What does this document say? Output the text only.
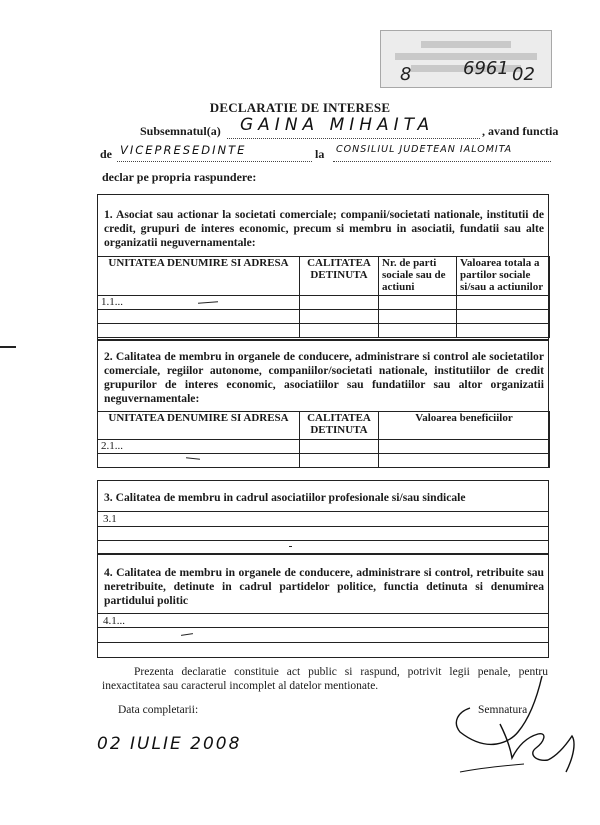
8	6961 02
DECLARATIE DE INTERESE
Subsemnatul(a) GAINA MIHAITA	, avand functia
de VICEPRESEDINTE	la CONSILIUL JUDETEAN IALOMITA
declar pe propria raspundere:
1. Asociat sau actionar la societati comerciale; companii/societati nationale, institutii de credit, grupuri de interes economic, precum si membru in asociatii, fundatii sau alte organizatii neguvernamentale:
UNITATEA DENUMIRE SI ADRESA	CALITATEA DETINUTA	Nr. de parti sociale sau de actiuni	Valoarea totala a partilor sociale si/sau a actiunilor
1.1...			

2. Calitatea de membru in organele de conducere, administrare si control ale societatilor comerciale, regiilor autonome, companiilor/societati nationale, institutiilor de credit grupurilor de interes economic, asociatiilor sau fundatiilor sau altor organizatii neguvernamentale:
UNITATEA DENUMIRE SI ADRESA	CALITATEA DETINUTA	Valoarea beneficiilor
2.1...		

3. Calitatea de membru in cadrul asociatiilor profesionale si/sau sindicale
3.1
4. Calitatea de membru in organele de conducere, administrare si control, retribuite sau neretribuite, detinute in cadrul partidelor politice, functia detinuta si denumirea partidului politic
4.1...
Prezenta declaratie constituie act public si raspund, potrivit legii penale, pentru inexactitatea sau caracterul incomplet al datelor mentionate.
Data completarii:
02 IULIE 2008
Semnatura
